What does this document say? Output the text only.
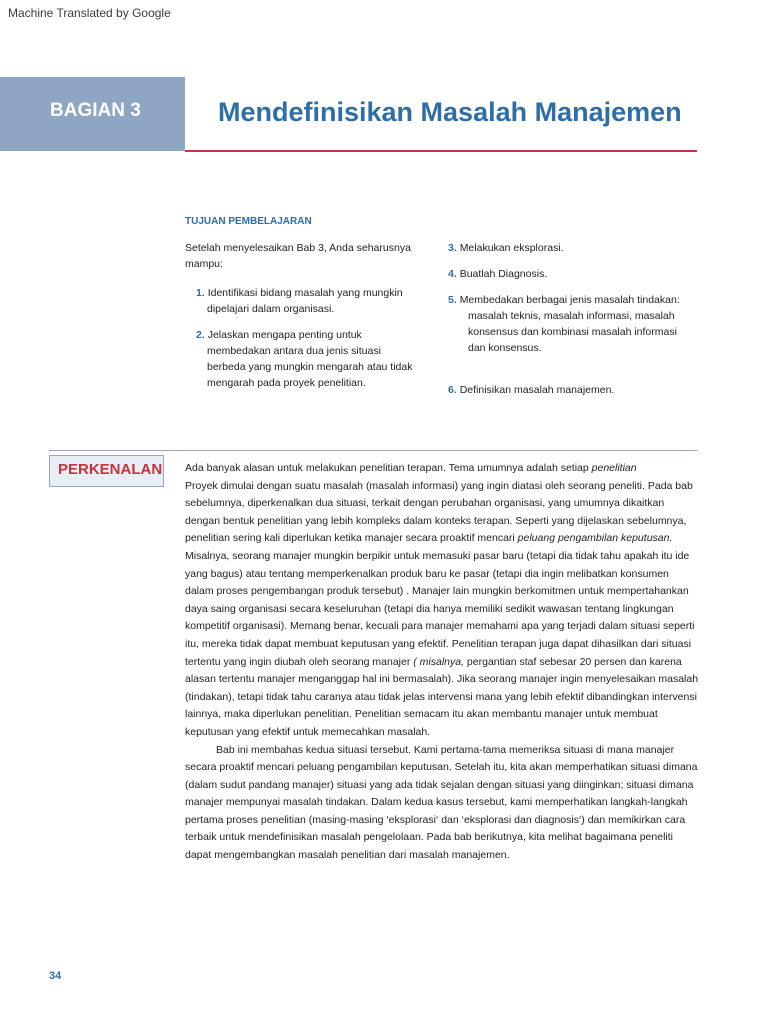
Machine Translated by Google
BAGIAN 3	Mendefinisikan Masalah Manajemen
TUJUAN PEMBELAJARAN

Setelah menyelesaikan Bab 3, Anda seharusnya mampu:

1. Identifikasi bidang masalah yang mungkin dipelajari dalam organisasi.

2. Jelaskan mengapa penting untuk membedakan antara dua jenis situasi berbeda yang mungkin mengarah atau tidak mengarah pada proyek penelitian.

3. Melakukan eksplorasi.

4. Buatlah Diagnosis.

5. Membedakan berbagai jenis masalah tindakan: masalah teknis, masalah informasi, masalah konsensus dan kombinasi masalah informasi dan konsensus.

6. Definisikan masalah manajemen.

PERKENALAN Ada banyak alasan untuk melakukan penelitian terapan. Tema umumnya adalah setiap penelitian
Proyek dimulai dengan suatu masalah (masalah informasi) yang ingin diatasi oleh seorang peneliti. Pada bab sebelumnya, diperkenalkan dua situasi, terkait dengan perubahan organisasi, yang umumnya dikaitkan dengan bentuk penelitian yang lebih kompleks dalam konteks terapan. Seperti yang dijelaskan sebelumnya, penelitian sering kali diperlukan ketika manajer secara proaktif mencari peluang pengambilan keputusan.

Misalnya, seorang manajer mungkin berpikir untuk memasuki pasar baru (tetapi dia tidak tahu apakah itu ide yang bagus) atau tentang memperkenalkan produk baru ke pasar (tetapi dia ingin melibatkan konsumen dalam proses pengembangan produk tersebut) . Manajer lain mungkin berkomitmen untuk mempertahankan daya saing organisasi secara keseluruhan (tetapi dia hanya memiliki sedikit wawasan tentang lingkungan kompetitif organisasi). Memang benar, kecuali para manajer memahami apa yang terjadi dalam situasi seperti itu, mereka tidak dapat membuat keputusan yang efektif. Penelitian terapan juga dapat dihasilkan dari situasi tertentu yang ingin diubah oleh seorang manajer ( misalnya, pergantian staf sebesar 20 persen dan karena alasan tertentu manajer menganggap hal ini bermasalah). Jika seorang manajer ingin menyelesaikan masalah (tindakan), tetapi tidak tahu caranya atau tidak jelas intervensi mana yang lebih efektif dibandingkan intervensi lainnya, maka diperlukan penelitian. Penelitian semacam itu akan membantu manajer untuk membuat keputusan yang efektif untuk memecahkan masalah.

Bab ini membahas kedua situasi tersebut. Kami pertama-tama memeriksa situasi di mana manajer secara proaktif mencari peluang pengambilan keputusan. Setelah itu, kita akan memperhatikan situasi dimana (dalam sudut pandang manajer) situasi yang ada tidak sejalan dengan situasi yang diinginkan; situasi dimana manajer mempunyai masalah tindakan. Dalam kedua kasus tersebut, kami memperhatikan langkah-langkah pertama proses penelitian (masing-masing ‘eksplorasi‘ dan ‘eksplorasi dan diagnosis‘) dan memikirkan cara terbaik untuk mendefinisikan masalah pengelolaan. Pada bab berikutnya, kita melihat bagaimana peneliti dapat mengembangkan masalah penelitian dari masalah manajemen.

34
